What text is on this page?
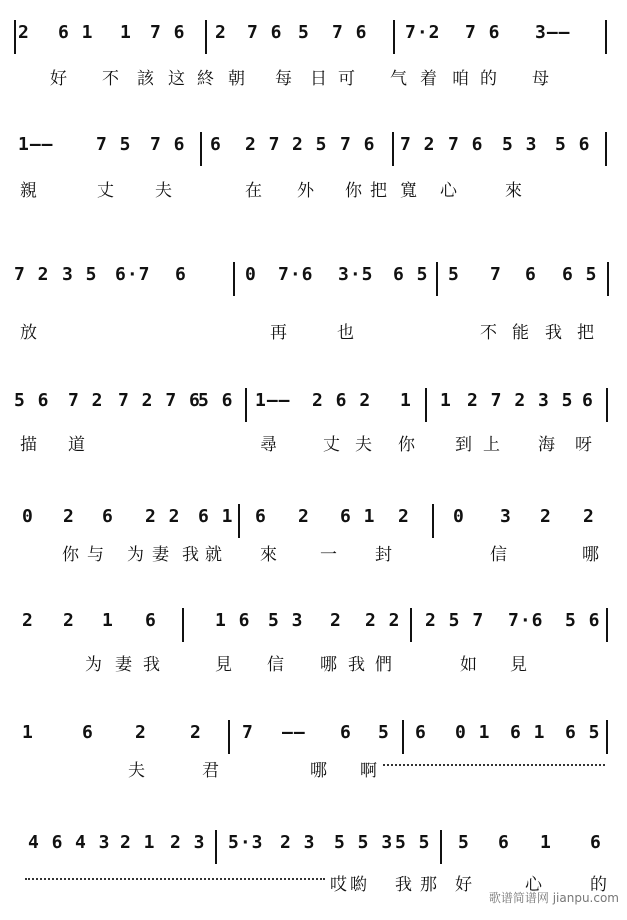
2 6 1 1 7 6 2 7 6 5 7 6 7·2 7 6 3——
好 不 該 这 終 朝 每 日 可 气 着 咱 的 母
1—— 7 5 7 6 6 2 7 2 5 7 6 7 2 7 6 5 3 5 6
親	丈 夫	在 外 你 把 寬 心	來
7 2 3 5 6·7 6	0 7·6 3·5 6 5 5 7 6 6 5
放	再	也	不 能 我 把
5 6 7 2 7 2 7 6
5 6 1—— 2 6 2 1 1 2 7 2 3 5 6
描 道	尋	丈 夫 你 到 上 海 呀
0 2 6 2 2 6 1 6 2 6 1 2 0 3 2 2
你 与 为 妻 我 就 來	一 封	信	哪
2 2 1 6	1 6 5 3 2 2 2 2 5 7 7·6 5 6
为 妻 我	見 信 哪 我 們	如 見
1	6 2 2 7 —— 6 5 6 0 1 6 1 6 5
夫	君	哪 啊
4 6 4 3 2 1 2 3 5·3 2 3 5 5 3 5 5 5 6 1 6
哎 喲 我 那 好	心	的
歌谱简谱网 jianpu.com
